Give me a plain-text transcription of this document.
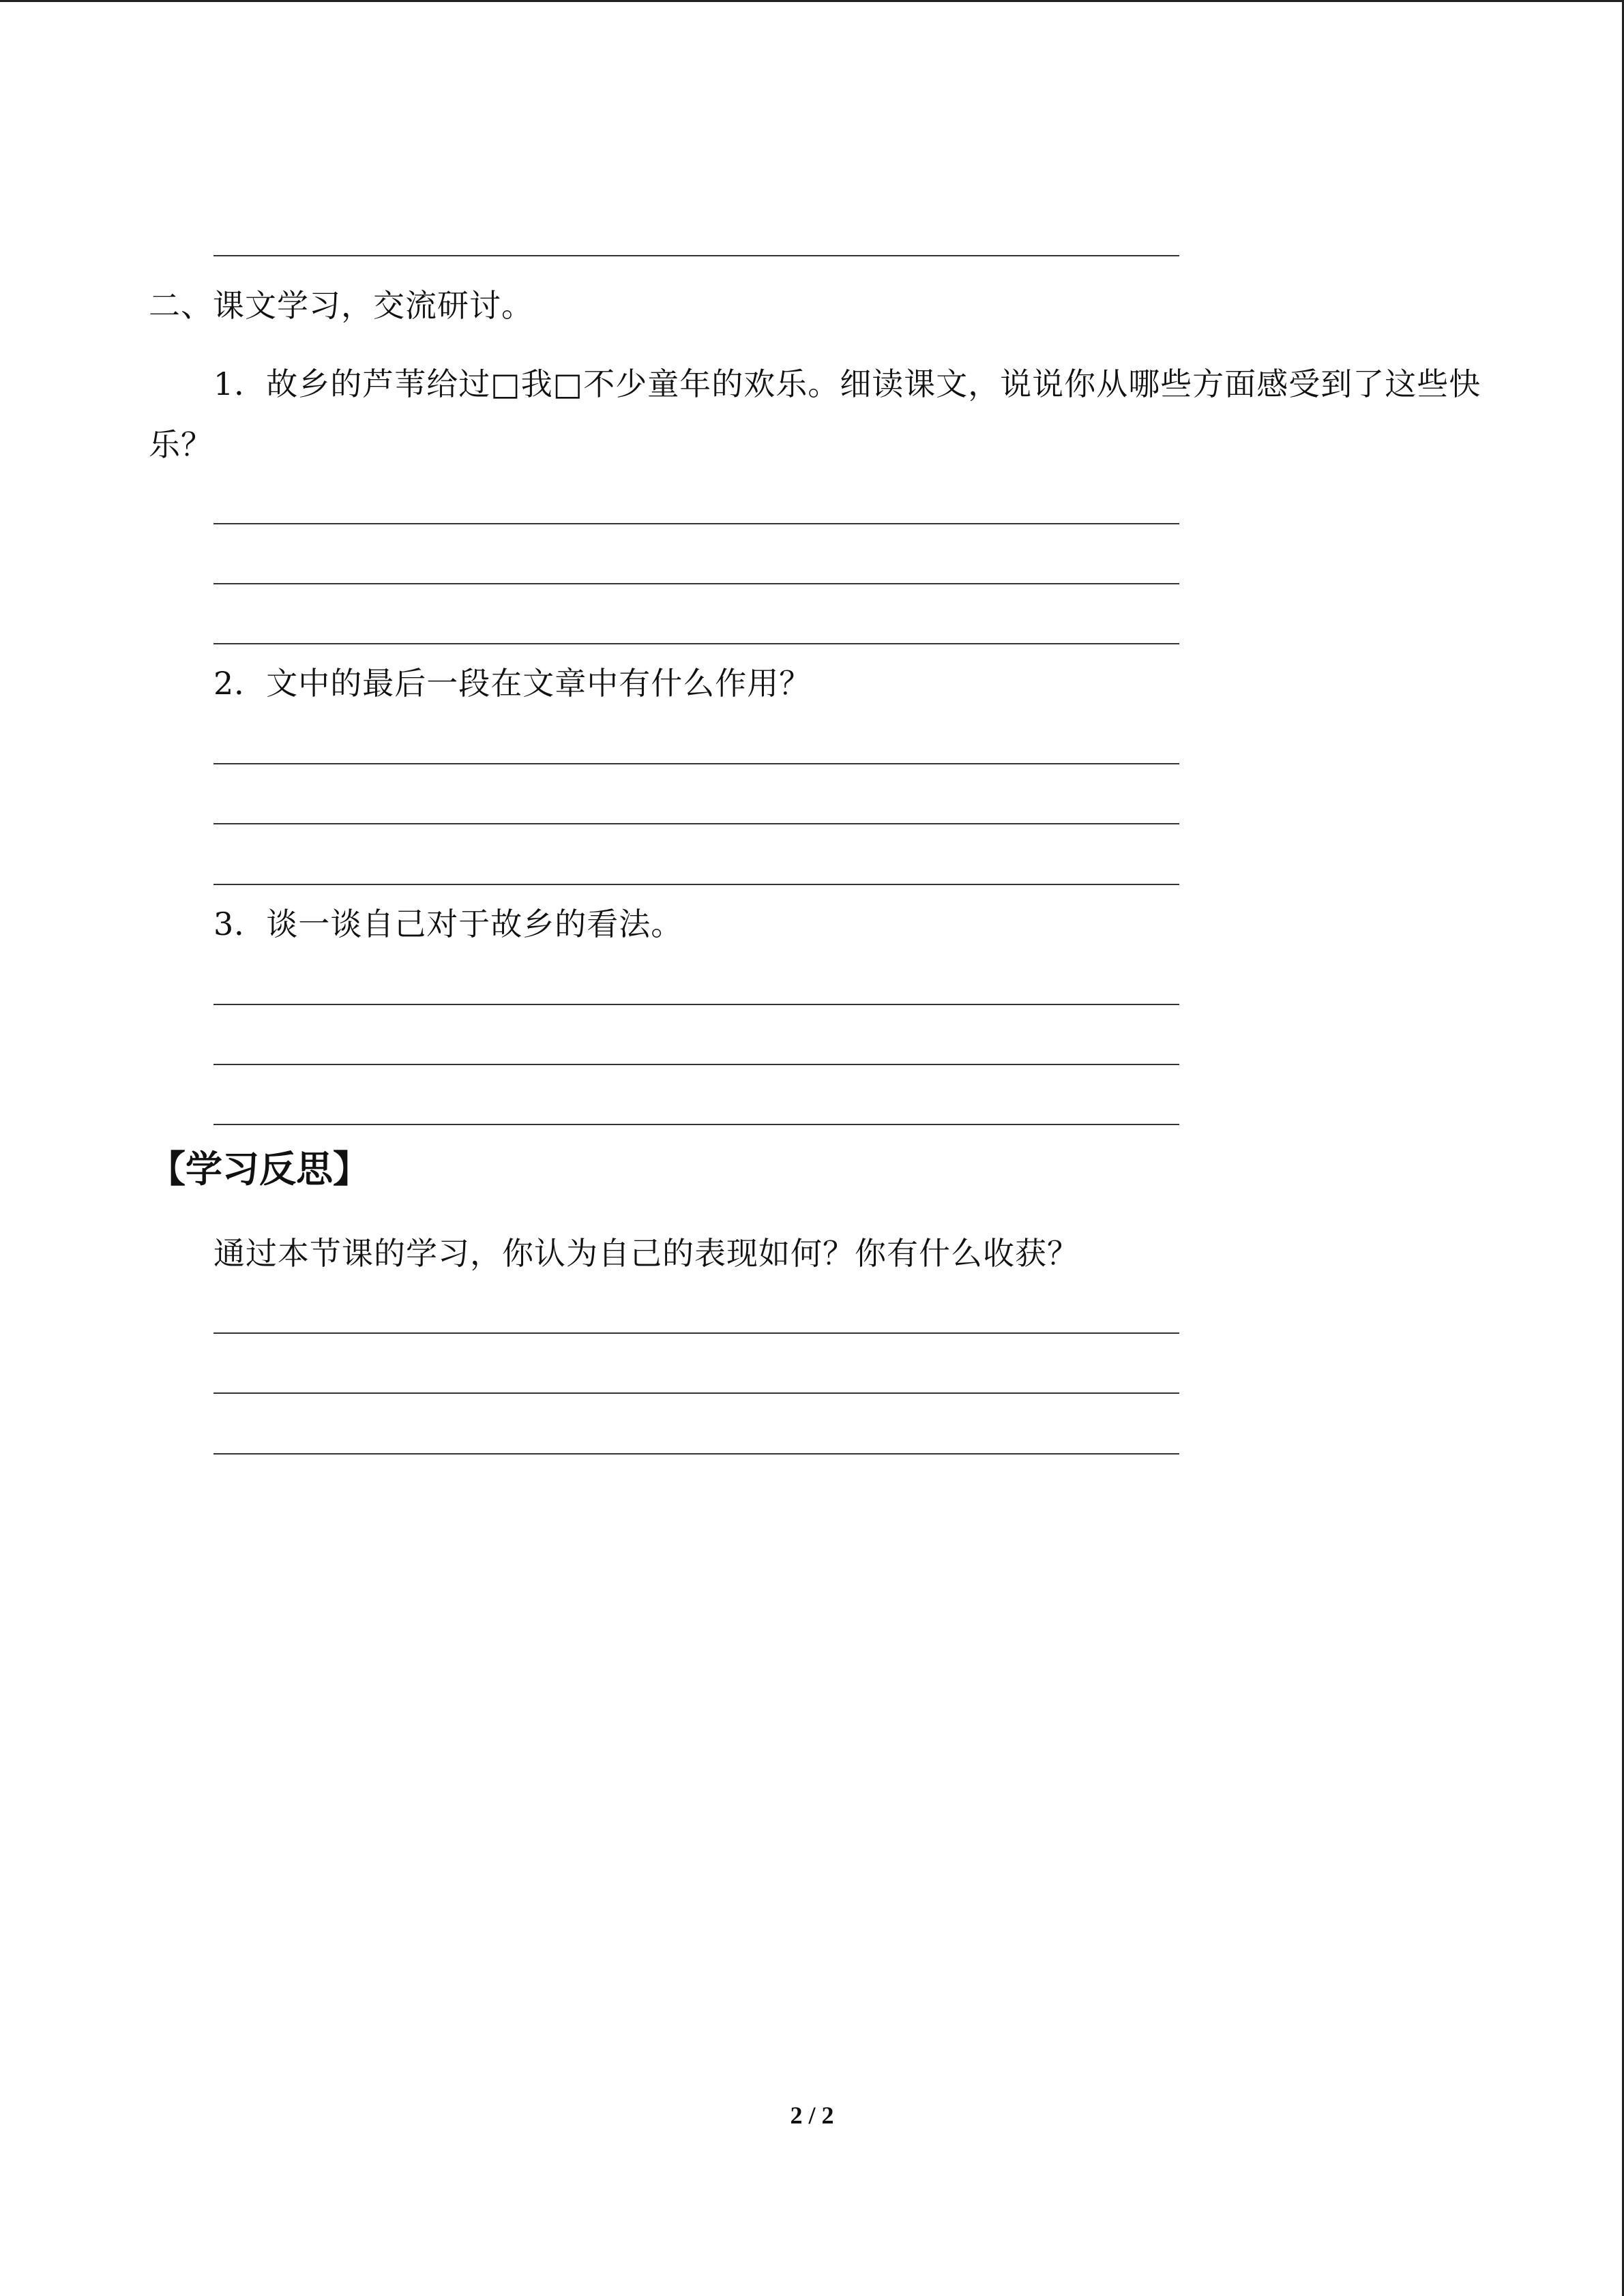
二、课文学习，交流研讨。
1．故乡的芦苇给过□我□不少童年的欢乐。细读课文，说说你从哪些方面感受到了这些快
乐？
2．文中的最后一段在文章中有什么作用？
3．谈一谈自己对于故乡的看法。
【学习反思】
通过本节课的学习，你认为自己的表现如何？你有什么收获？
2 / 2
